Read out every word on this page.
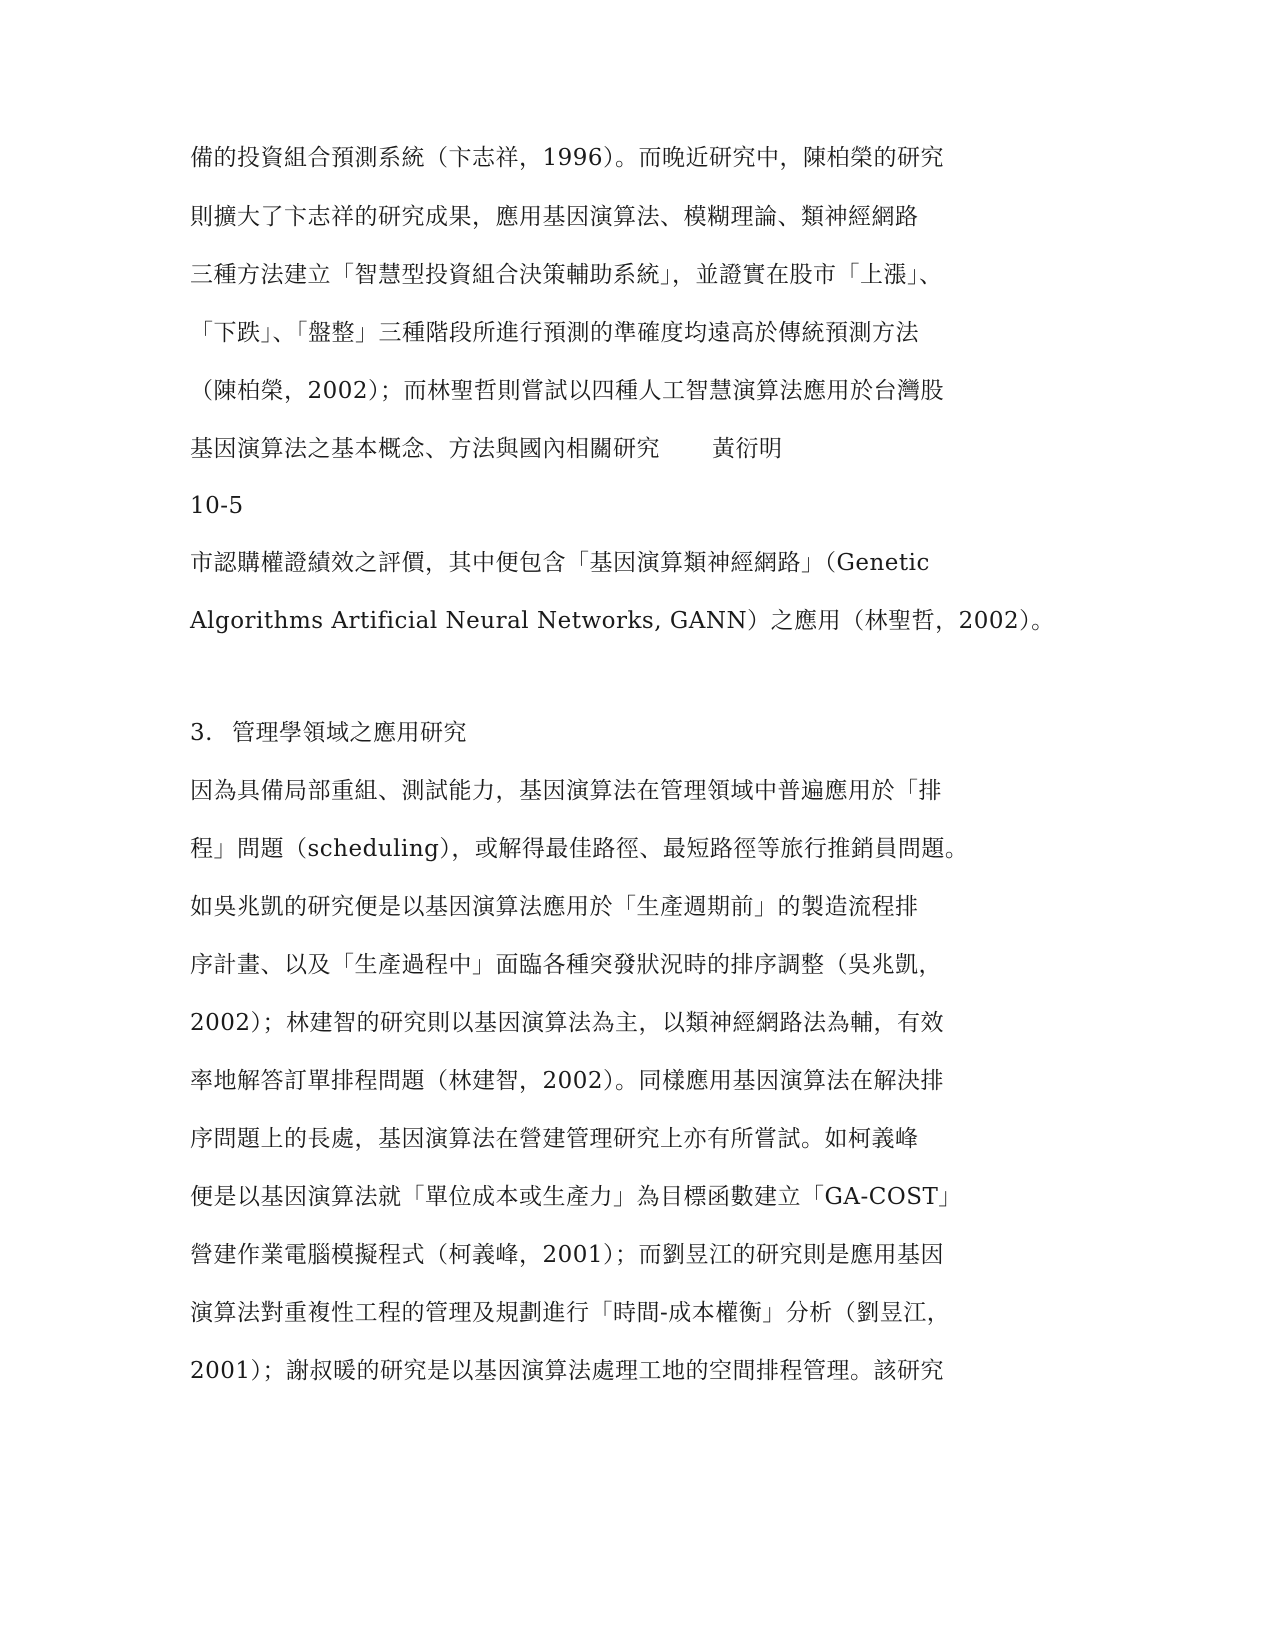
備的投資組合預測系統（卞志祥，1996）。而晚近研究中，陳柏榮的研究
則擴大了卞志祥的研究成果，應用基因演算法、模糊理論、類神經網路
三種方法建立「智慧型投資組合決策輔助系統」，並證實在股市「上漲」、
「下跌」、「盤整」三種階段所進行預測的準確度均遠高於傳統預測方法
（陳柏榮，2002）；而林聖哲則嘗試以四種人工智慧演算法應用於台灣股
基因演算法之基本概念、方法與國內相關研究 黃衍明
10-5
市認購權證績效之評價，其中便包含「基因演算類神經網路」（Genetic
Algorithms Artificial Neural Networks, GANN）之應用（林聖哲，2002）。
3. 管理學領域之應用研究
因為具備局部重組、測試能力，基因演算法在管理領域中普遍應用於「排
程」問題（scheduling），或解得最佳路徑、最短路徑等旅行推銷員問題。
如吳兆凱的研究便是以基因演算法應用於「生產週期前」的製造流程排
序計畫、以及「生產過程中」面臨各種突發狀況時的排序調整（吳兆凱，
2002）；林建智的研究則以基因演算法為主，以類神經網路法為輔，有效
率地解答訂單排程問題（林建智，2002）。同樣應用基因演算法在解決排
序問題上的長處，基因演算法在營建管理研究上亦有所嘗試。如柯義峰
便是以基因演算法就「單位成本或生產力」為目標函數建立「GA-COST」
營建作業電腦模擬程式（柯義峰，2001）；而劉昱江的研究則是應用基因
演算法對重複性工程的管理及規劃進行「時間-成本權衡」分析（劉昱江，
2001）；謝叔暖的研究是以基因演算法處理工地的空間排程管理。該研究
